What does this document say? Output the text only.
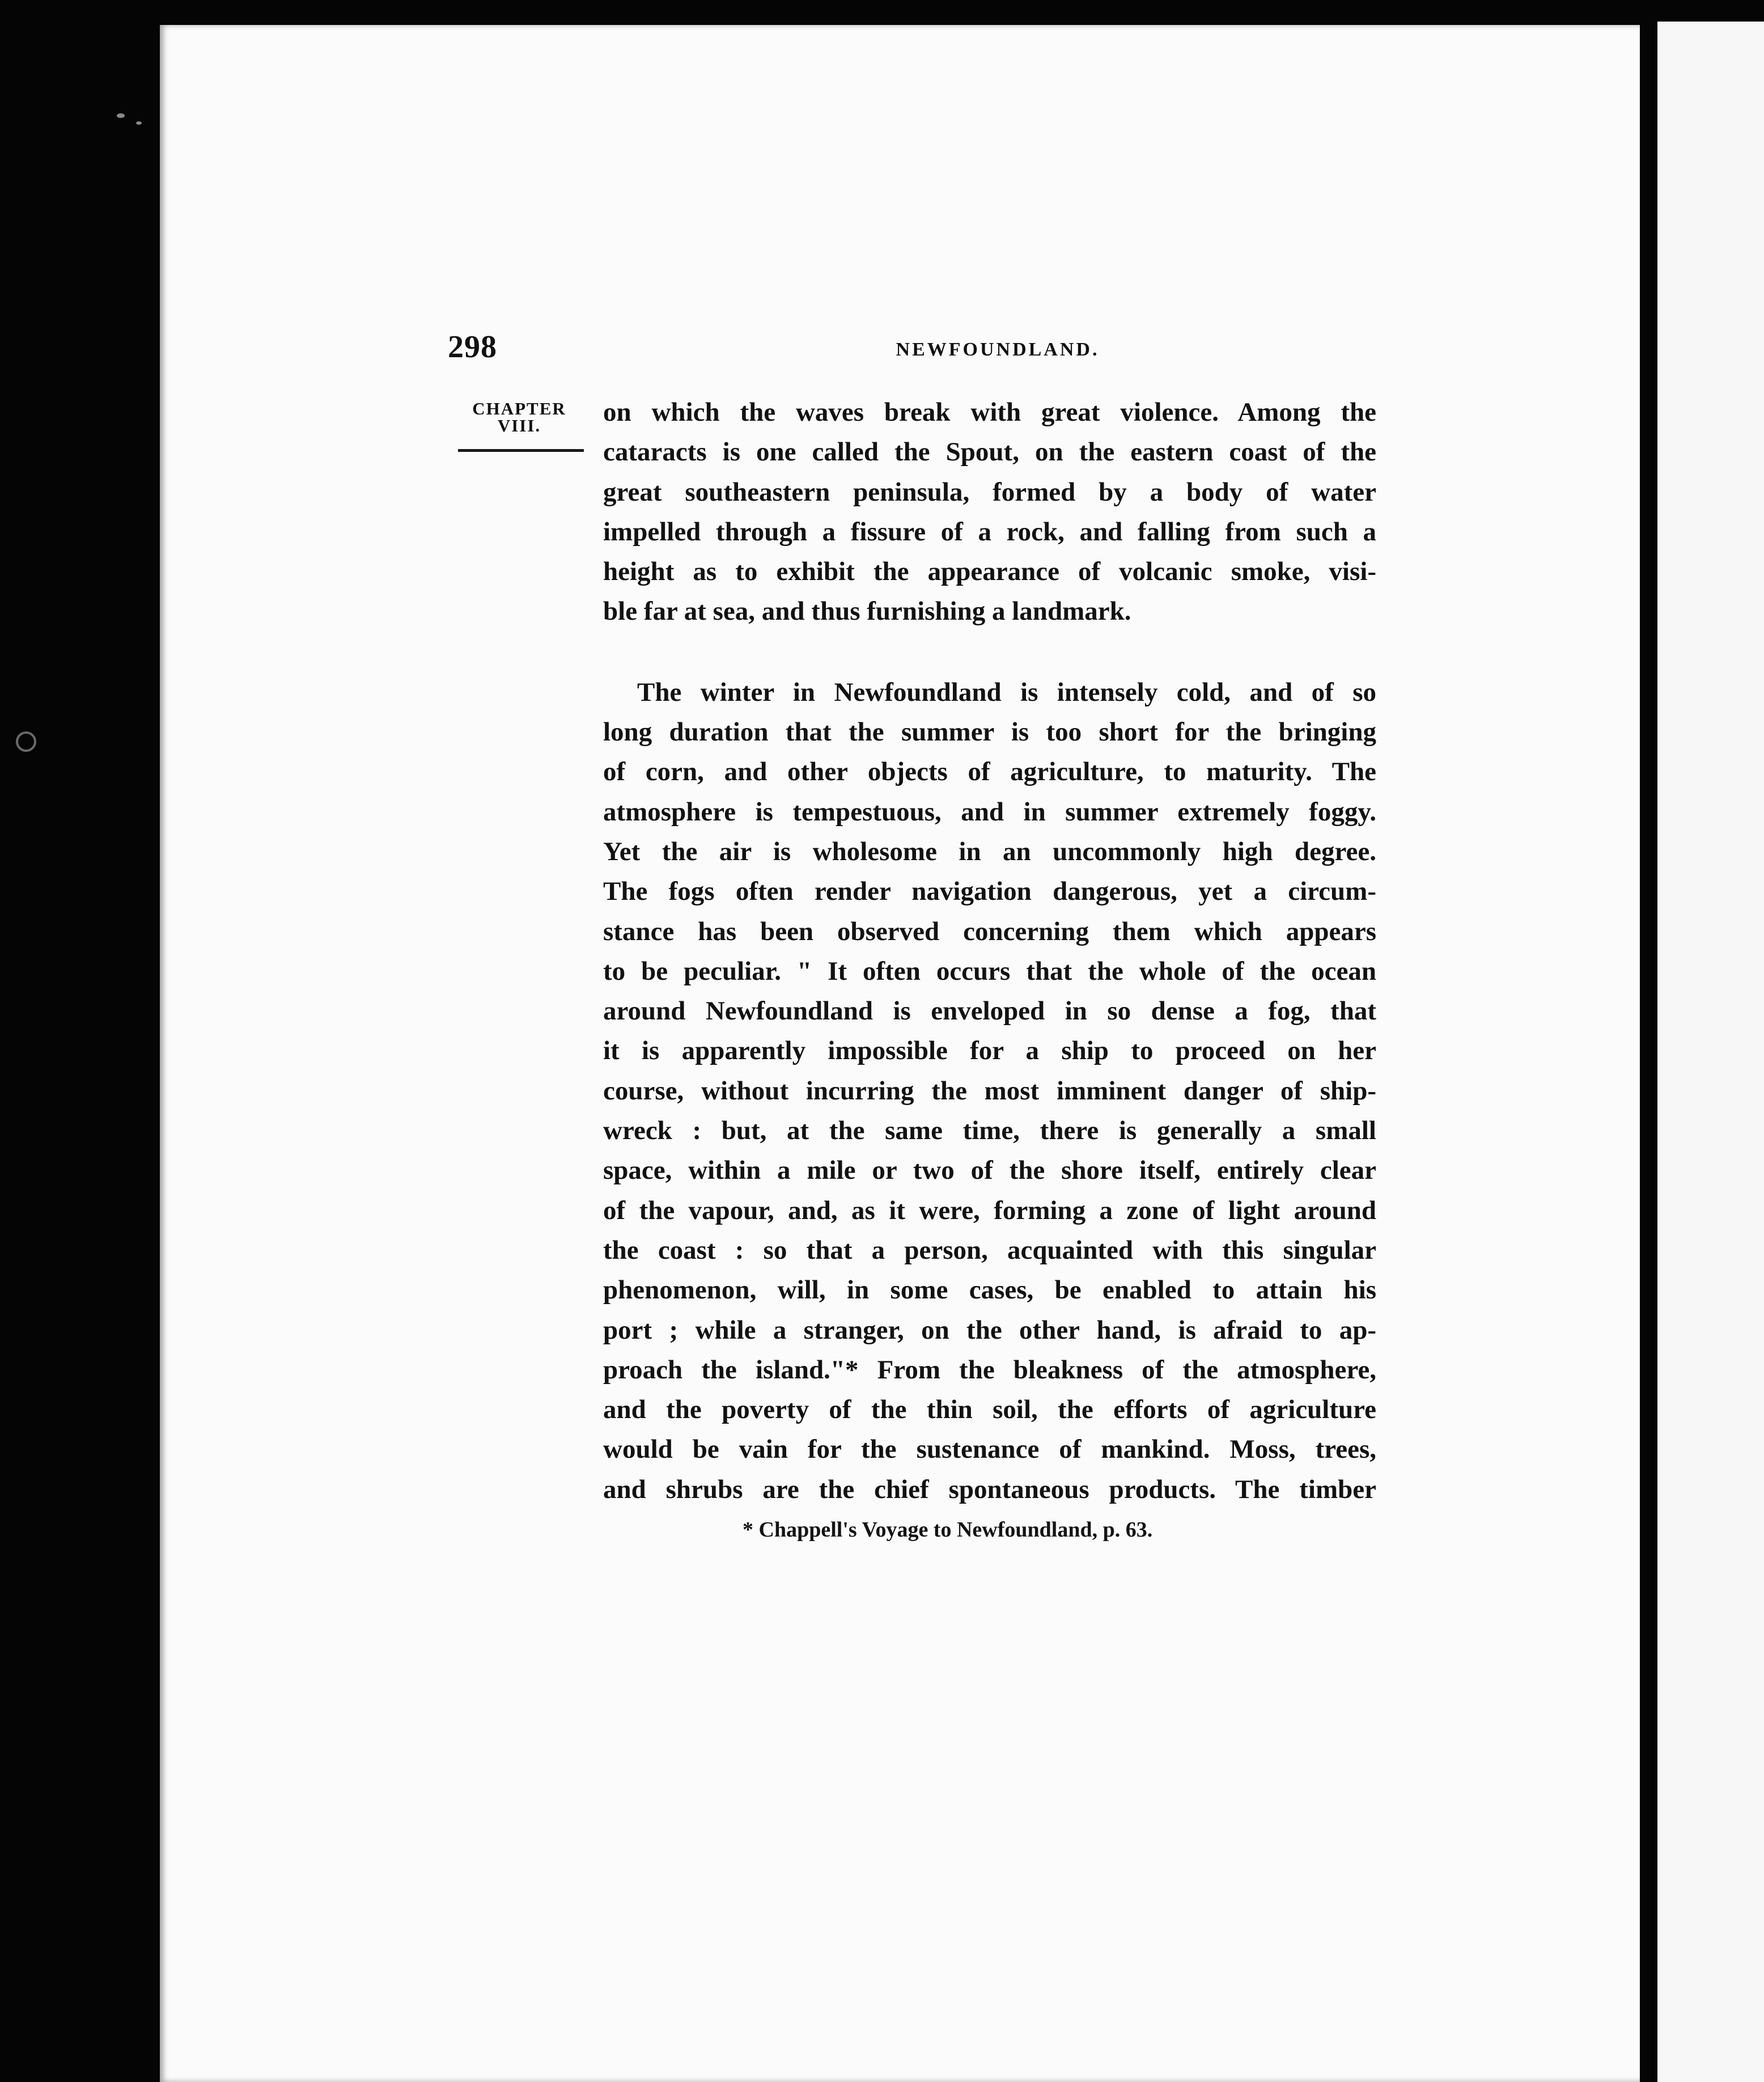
298	NEWFOUNDLAND.
CHAPTER
VIII.	on which the waves break with great violence. Among the
cataracts is one called the Spout, on the eastern coast of the
great southeastern peninsula, formed by a body of water
impelled through a fissure of a rock, and falling from such a
height as to exhibit the appearance of volcanic smoke, visi-
ble far at sea, and thus furnishing a landmark.
The winter in Newfoundland is intensely cold, and of so
long duration that the summer is too short for the bringing
of corn, and other objects of agriculture, to maturity. The
atmosphere is tempestuous, and in summer extremely foggy.
Yet the air is wholesome in an uncommonly high degree.
The fogs often render navigation dangerous, yet a circum-
stance has been observed concerning them which appears
to be peculiar. " It often occurs that the whole of the ocean
around Newfoundland is enveloped in so dense a fog, that
it is apparently impossible for a ship to proceed on her
course, without incurring the most imminent danger of ship-
wreck : but, at the same time, there is generally a small
space, within a mile or two of the shore itself, entirely clear
of the vapour, and, as it were, forming a zone of light around
the coast : so that a person, acquainted with this singular
phenomenon, will, in some cases, be enabled to attain his
port ; while a stranger, on the other hand, is afraid to ap-
proach the island."* From the bleakness of the atmosphere,
and the poverty of the thin soil, the efforts of agriculture
would be vain for the sustenance of mankind. Moss, trees,
and shrubs are the chief spontaneous products. The timber
* Chappell's Voyage to Newfoundland, p. 63.
